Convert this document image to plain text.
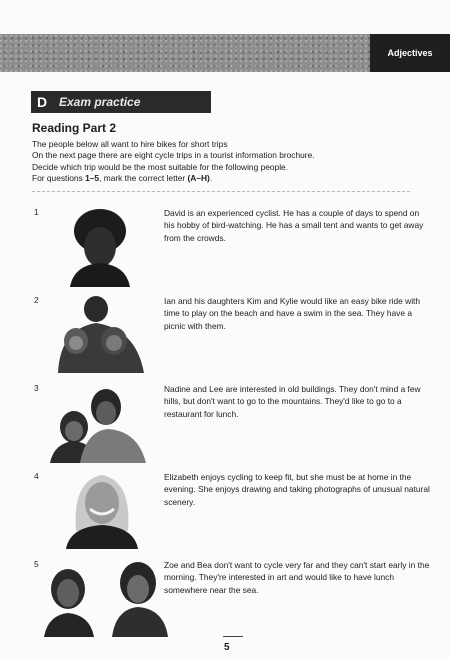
Adjectives
D Exam practice
Reading Part 2
The people below all want to hire bikes for short trips
On the next page there are eight cycle trips in a tourist information brochure.
Decide which trip would be the most suitable for the following people.
For questions 1–5, mark the correct letter (A–H).
1	David is an experienced cyclist. He has a couple of days to spend on his hobby of bird-watching. He has a small tent and wants to get away from the crowds.
2	Ian and his daughters Kim and Kylie would like an easy bike ride with time to play on the beach and have a swim in the sea. They have a picnic with them.
3	Nadine and Lee are interested in old buildings. They don't mind a few hills, but don't want to go to the mountains. They'd like to go to a restaurant for lunch.
4	Elizabeth enjoys cycling to keep fit, but she must be at home in the evening. She enjoys drawing and taking photographs of unusual natural scenery.
5	Zoe and Bea don't want to cycle very far and they can't start early in the morning. They're interested in art and would like to have lunch somewhere near the sea.
5
